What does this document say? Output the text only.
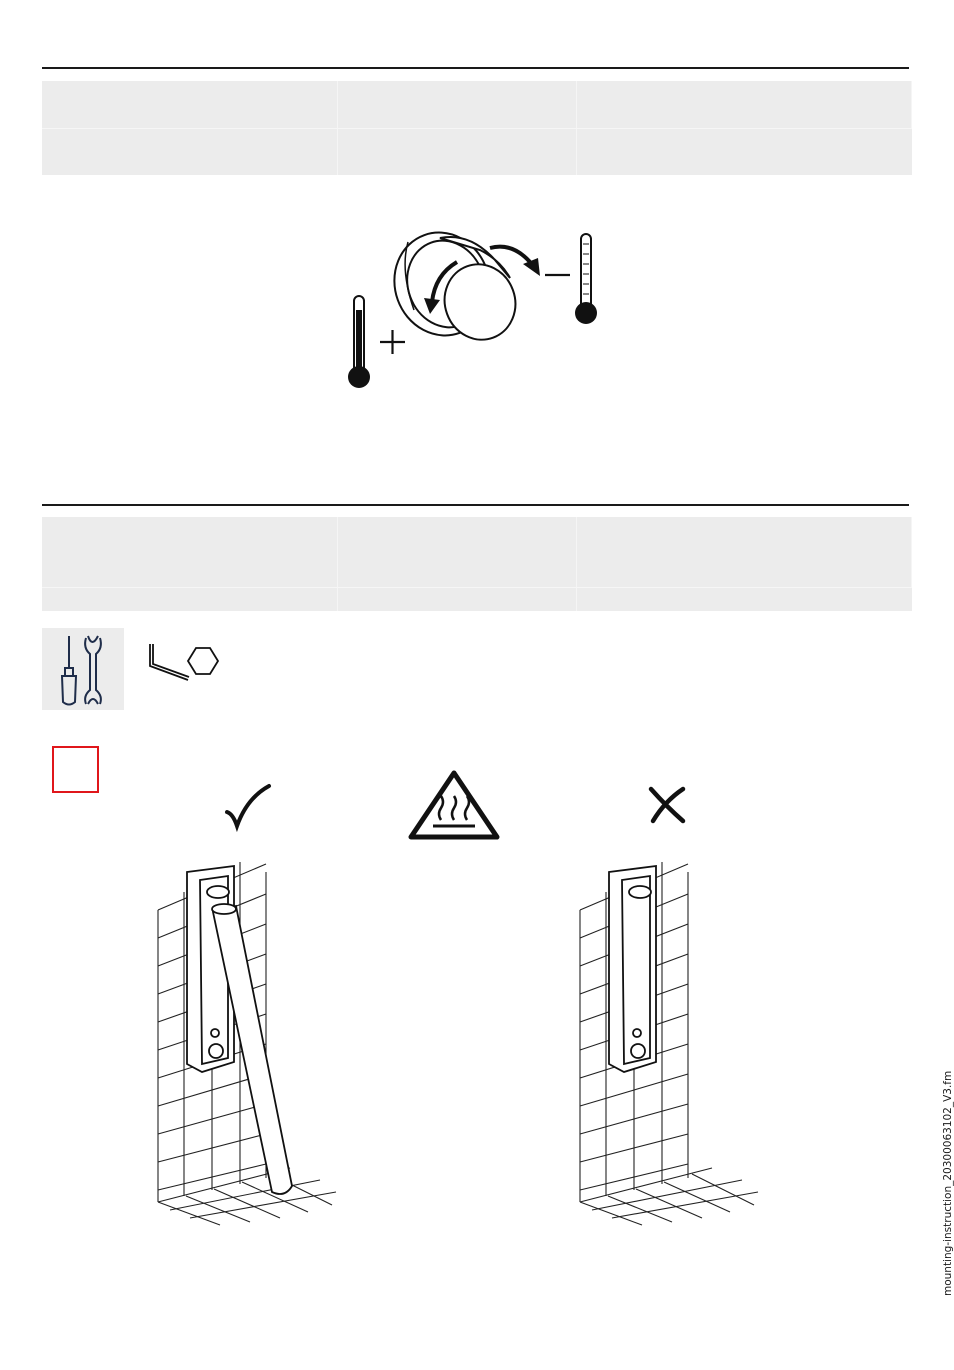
mounting-instruction_20300063102_V3.fm
